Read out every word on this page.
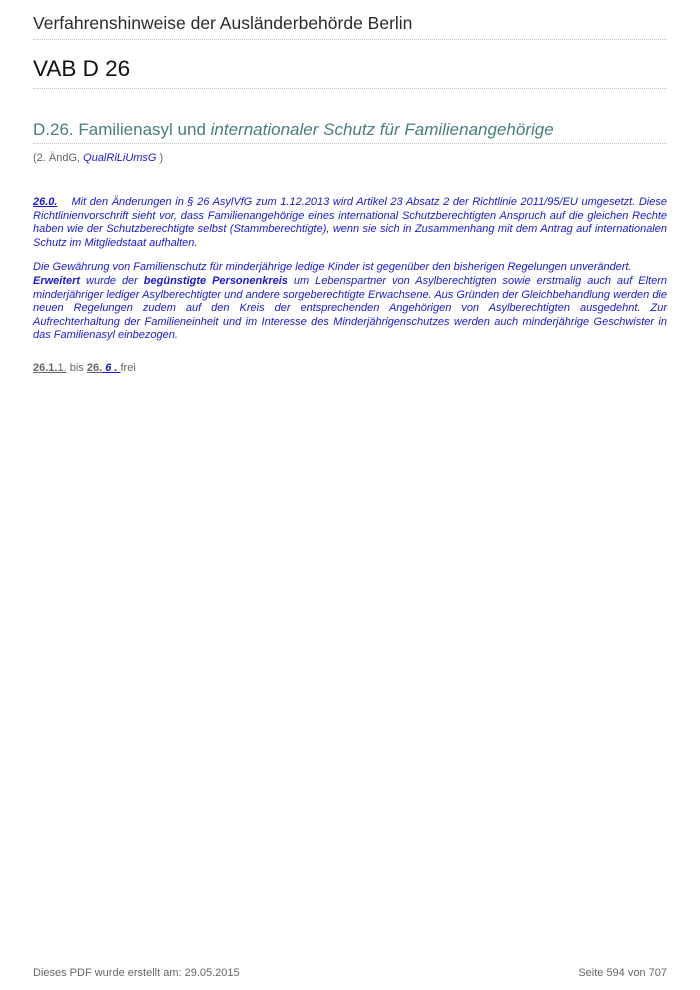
Verfahrenshinweise der Ausländerbehörde Berlin
VAB D 26
D.26. Familienasyl und internationaler Schutz für Familienangehörige
(2. ÄndG, QualRiLiUmsG )

26.0. Mit den Änderungen in § 26 AsylVfG zum 1.12.2013 wird Artikel 23 Absatz 2 der Richtlinie 2011/95/EU umgesetzt. Diese Richtlinienvorschrift sieht vor, dass Familienangehörige eines international Schutzberechtigten Anspruch auf die gleichen Rechte haben wie der Schutzberechtigte selbst (Stammberechtigte), wenn sie sich in Zusammenhang mit dem Antrag auf internationalen Schutz im Mitgliedstaat aufhalten.

Die Gewährung von Familienschutz für minderjährige ledige Kinder ist gegenüber den bisherigen Regelungen unverändert.
Erweitert wurde der begünstigte Personenkreis um Lebenspartner von Asylberechtigten sowie erstmalig auch auf Eltern minderjähriger lediger Asylberechtigter und andere sorgeberechtigte Erwachsene. Aus Gründen der Gleichbehandlung werden die neuen Regelungen zudem auf den Kreis der entsprechenden Angehörigen von Asylberechtigten ausgedehnt. Zur Aufrechterhaltung der Familieneinheit und im Interesse des Minderjährigenschutzes werden auch minderjährige Geschwister in das Familienasyl einbezogen.

26.1.1. bis 26. 6 . frei
Dieses PDF wurde erstellt am: 29.05.2015	Seite 594 von 707
